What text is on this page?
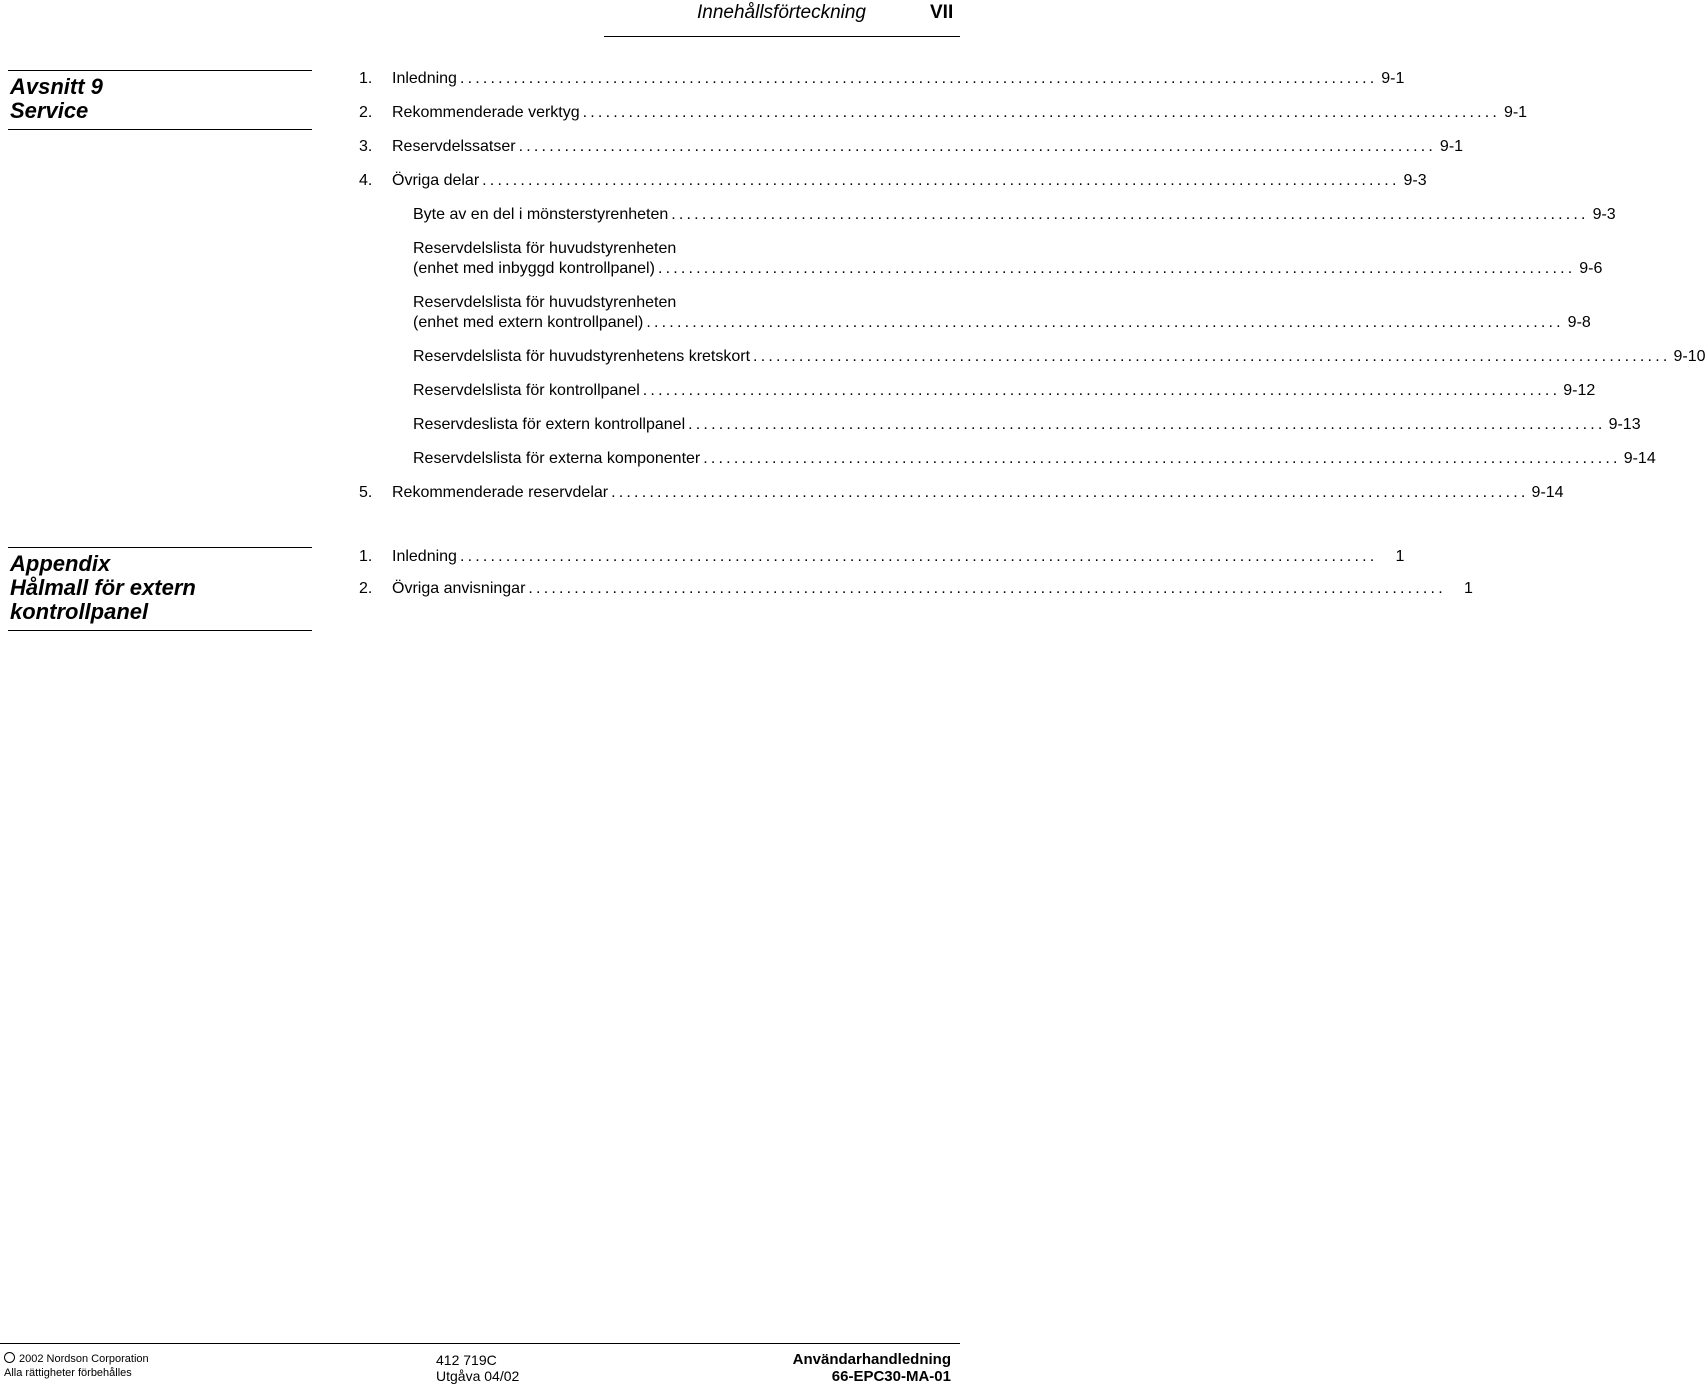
Innehållsförteckning	VII
Avsnitt 9
Service
1.	Inledning ........................................................................................................................ 9-1
2.	Rekommenderade verktyg ........................................................................................................................ 9-1
3.	Reservdelssatser ........................................................................................................................ 9-1
4.	Övriga delar ........................................................................................................................ 9-3
Byte av en del i mönsterstyrenheten ........................................................................................................................ 9-3
Reservdelslista för huvudstyrenheten
(enhet med inbyggd kontrollpanel) ........................................................................................................................ 9-6
Reservdelslista för huvudstyrenheten
(enhet med extern kontrollpanel) ........................................................................................................................ 9-8
Reservdelslista för huvudstyrenhetens kretskort ........................................................................................................................ 9-10
Reservdelslista för kontrollpanel ........................................................................................................................ 9-12
Reservdeslista för extern kontrollpanel ........................................................................................................................ 9-13
Reservdelslista för externa komponenter ........................................................................................................................ 9-14
5.	Rekommenderade reservdelar ........................................................................................................................ 9-14
Appendix
Hålmall för extern
kontrollpanel
1.	Inledning ........................................................................................................................	1
2.	Övriga anvisningar ........................................................................................................................	1
2002 Nordson Corporation
Alla rättigheter förbehålles
412 719C
Utgåva 04/02
Användarhandledning
66-EPC30-MA-01
